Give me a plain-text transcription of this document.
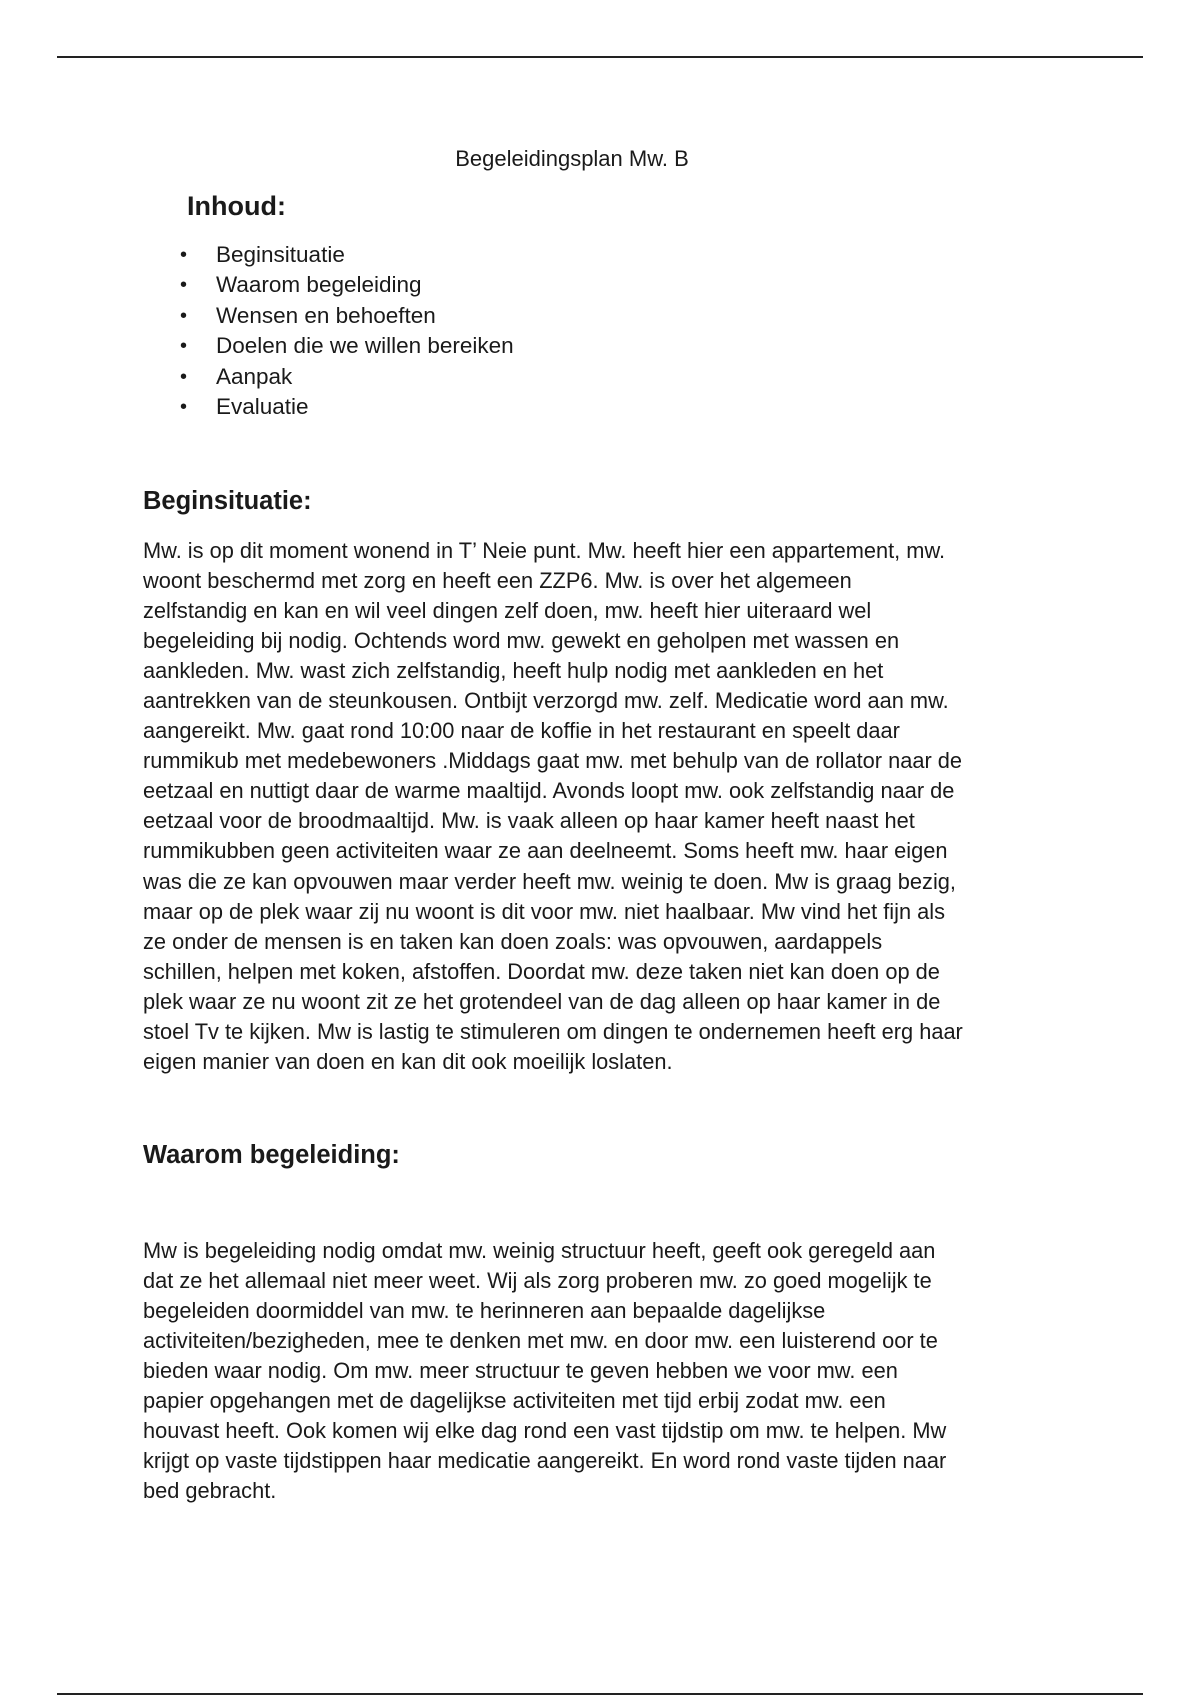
Begeleidingsplan Mw. B
Inhoud:
• Beginsituatie
• Waarom begeleiding
• Wensen en behoeften
• Doelen die we willen bereiken
• Aanpak
• Evaluatie
Beginsituatie:
Mw. is op dit moment wonend in T’ Neie punt. Mw. heeft hier een appartement, mw.
woont beschermd met zorg en heeft een ZZP6. Mw. is over het algemeen
zelfstandig en kan en wil veel dingen zelf doen, mw. heeft hier uiteraard wel
begeleiding bij nodig. Ochtends word mw. gewekt en geholpen met wassen en
aankleden. Mw. wast zich zelfstandig, heeft hulp nodig met aankleden en het
aantrekken van de steunkousen. Ontbijt verzorgd mw. zelf. Medicatie word aan mw.
aangereikt. Mw. gaat rond 10:00 naar de koffie in het restaurant en speelt daar
rummikub met medebewoners .Middags gaat mw. met behulp van de rollator naar de
eetzaal en nuttigt daar de warme maaltijd. Avonds loopt mw. ook zelfstandig naar de
eetzaal voor de broodmaaltijd. Mw. is vaak alleen op haar kamer heeft naast het
rummikubben geen activiteiten waar ze aan deelneemt. Soms heeft mw. haar eigen
was die ze kan opvouwen maar verder heeft mw. weinig te doen. Mw is graag bezig,
maar op de plek waar zij nu woont is dit voor mw. niet haalbaar. Mw vind het fijn als
ze onder de mensen is en taken kan doen zoals: was opvouwen, aardappels
schillen, helpen met koken, afstoffen. Doordat mw. deze taken niet kan doen op de
plek waar ze nu woont zit ze het grotendeel van de dag alleen op haar kamer in de
stoel Tv te kijken. Mw is lastig te stimuleren om dingen te ondernemen heeft erg haar
eigen manier van doen en kan dit ook moeilijk loslaten.
Waarom begeleiding:
Mw is begeleiding nodig omdat mw. weinig structuur heeft, geeft ook geregeld aan
dat ze het allemaal niet meer weet. Wij als zorg proberen mw. zo goed mogelijk te
begeleiden doormiddel van mw. te herinneren aan bepaalde dagelijkse
activiteiten/bezigheden, mee te denken met mw. en door mw. een luisterend oor te
bieden waar nodig. Om mw. meer structuur te geven hebben we voor mw. een
papier opgehangen met de dagelijkse activiteiten met tijd erbij zodat mw. een
houvast heeft. Ook komen wij elke dag rond een vast tijdstip om mw. te helpen. Mw
krijgt op vaste tijdstippen haar medicatie aangereikt. En word rond vaste tijden naar
bed gebracht.
